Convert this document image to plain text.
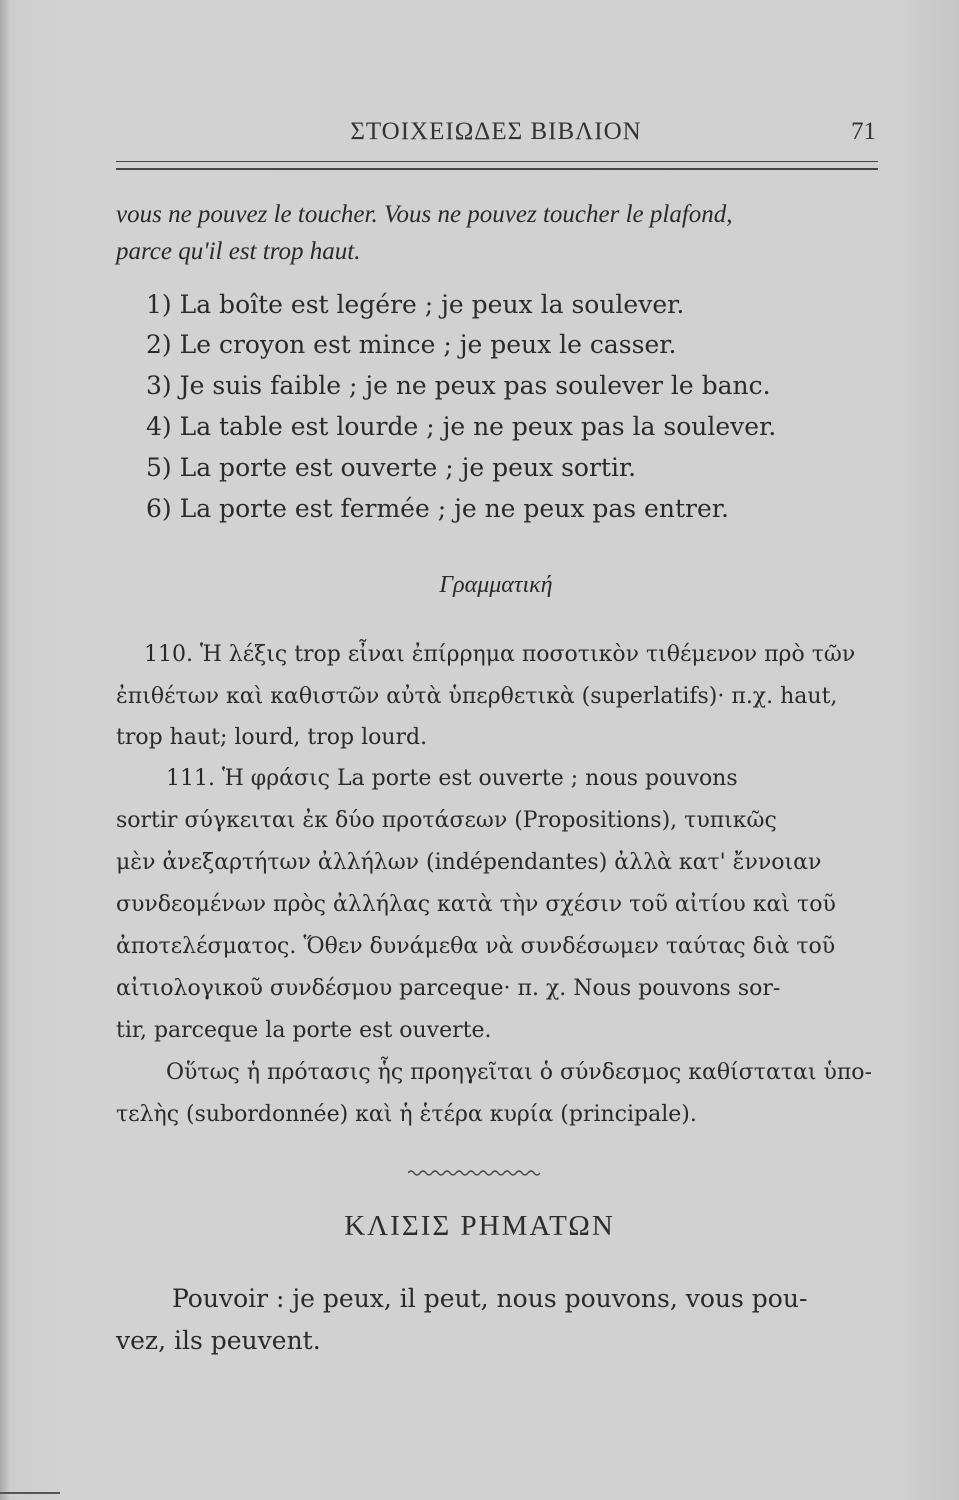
ΣΤΟΙΧΕΙΩΔΕΣ ΒΙΒΛΙΟΝ	71
vous ne pouvez le toucher. Vous ne pouvez toucher le plafond,
parce qu'il est trop haut.
1) La boîte est legére ; je peux la soulever.
2) Le croyon est mince ; je peux le casser.
3) Je suis faible ; je ne peux pas soulever le banc.
4) La table est lourde ; je ne peux pas la soulever.
5) La porte est ouverte ; je peux sortir.
6) La porte est fermée ; je ne peux pas entrer.
Γραμματική
110. Ἡ λέξις trop εἶναι ἐπίρρημα ποσοτικὸν τιθέμενον πρὸ τῶν
ἐπιθέτων καὶ καθιστῶν αὐτὰ ὑπερθετικὰ (superlatifs)· π.χ. haut,
trop haut; lourd, trop lourd.
111. Ἡ φράσις La porte est ouverte ; nous pouvons
sortir σύγκειται ἐκ δύο προτάσεων (Propositions), τυπικῶς
μὲν ἀνεξαρτήτων ἀλλήλων (indépendantes) ἀλλὰ κατ' ἔννοιαν
συνδεομένων πρὸς ἀλλήλας κατὰ τὴν σχέσιν τοῦ αἰτίου καὶ τοῦ
ἀποτελέσματος. Ὅθεν δυνάμεθα νὰ συνδέσωμεν ταύτας διὰ τοῦ
αἰτιολογικοῦ συνδέσμου parceque· π. χ. Nous pouvons sor-
tir, parceque la porte est ouverte.
Οὕτως ἡ πρότασις ἧς προηγεῖται ὁ σύνδεσμος καθίσταται ὑπο-
τελὴς (subordonnée) καὶ ἡ ἑτέρα κυρία (principale).
ΚΛΙΣΙΣ ΡΗΜΑΤΩΝ
Pouvoir : je peux, il peut, nous pouvons, vous pou-
vez, ils peuvent.
